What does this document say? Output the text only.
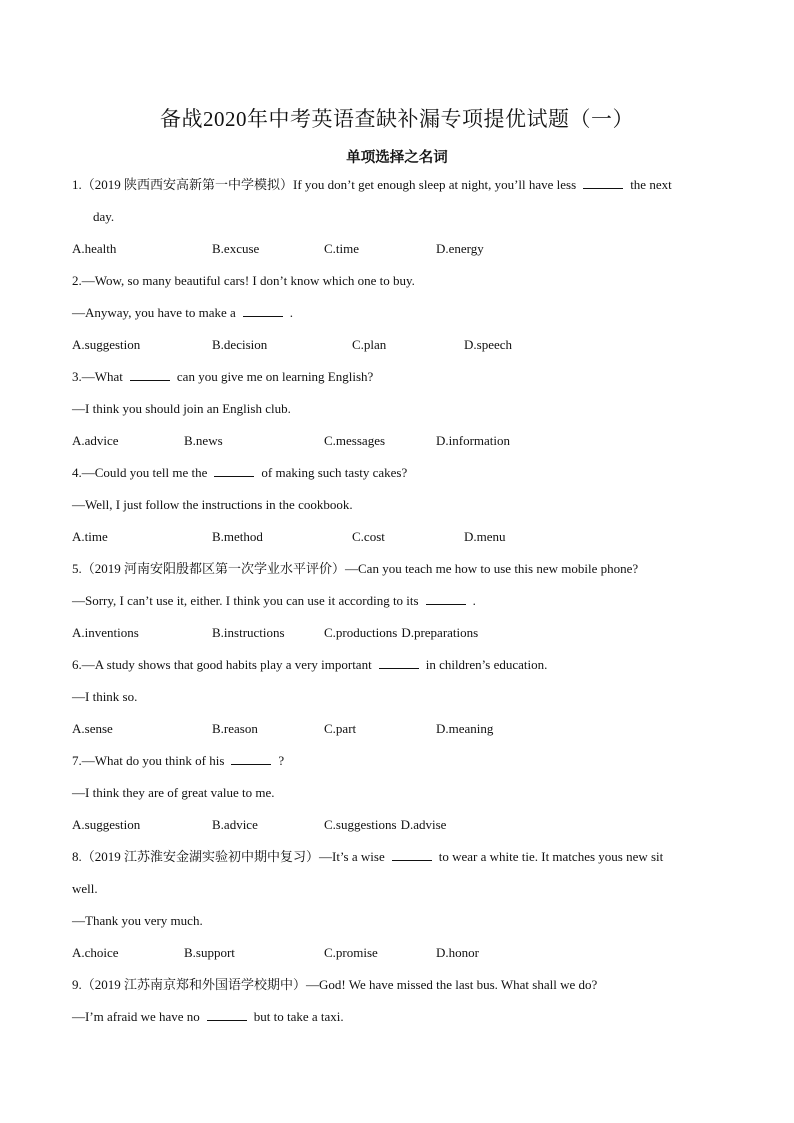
备战2020年中考英语查缺补漏专项提优试题（一）
单项选择之名词
1.（2019 陕西西安高新第一中学模拟）If you don’t get enough sleep at night, you’ll have less	the next
day.
A.health	B.excuse	C.time	D.energy
2.—Wow, so many beautiful cars! I don’t know which one to buy.
—Anyway, you have to make a	.
A.suggestion	B.decision	C.plan	D.speech
3.—What	can you give me on learning English?
—I think you should join an English club.
A.advice	B.news	C.messages	D.information
4.—Could you tell me the	of making such tasty cakes?
—Well, I just follow the instructions in the cookbook.
A.time	B.method	C.cost	D.menu
5.（2019 河南安阳殷都区第一次学业水平评价）—Can you teach me how to use this new mobile phone?
—Sorry, I can’t use it, either. I think you can use it according to its	.
A.inventions	B.instructions	C.productions D.preparations
6.—A study shows that good habits play a very important	in children’s education.
—I think so.
A.sense	B.reason	C.part	D.meaning
7.—What do you think of his	?
—I think they are of great value to me.
A.suggestion	B.advice	C.suggestions D.advise
8.（2019 江苏淮安金湖实验初中期中复习）—It’s a wise	to wear a white tie. It matches yous new sit
well.
—Thank you very much.
A.choice	B.support	C.promise	D.honor
9.（2019 江苏南京郑和外国语学校期中）—God! We have missed the last bus. What shall we do?
—I’m afraid we have no	but to take a taxi.
